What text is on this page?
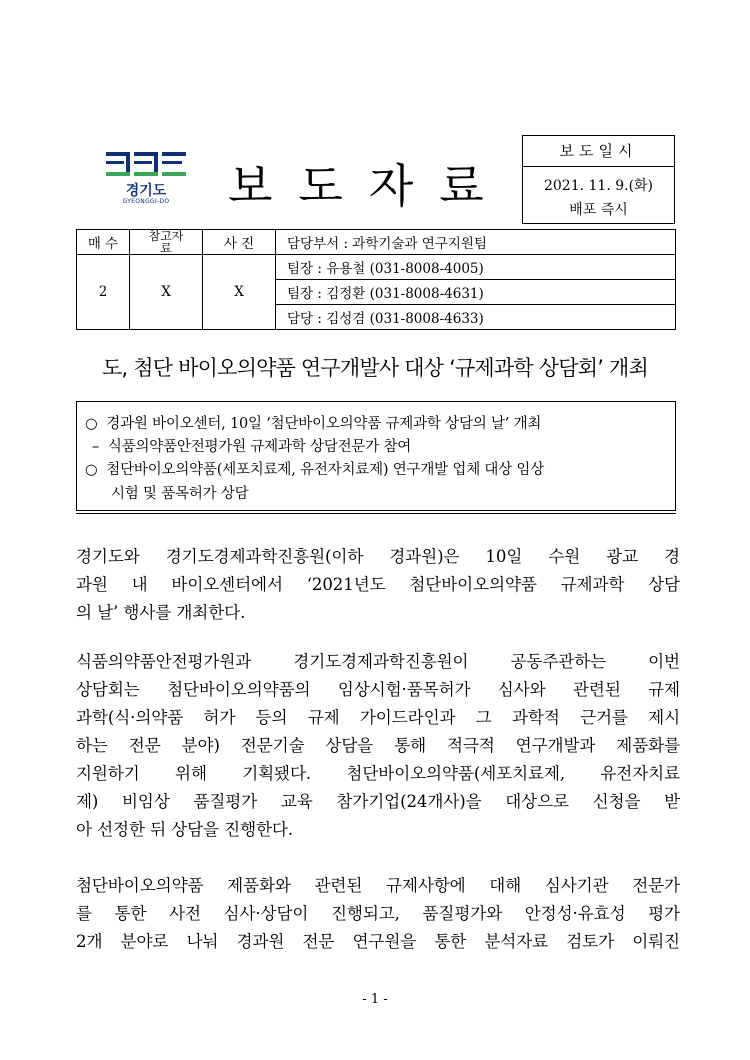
경기도
GYEONGGI-DO	보도자료
보도일시
2021. 11. 9.(화)
배포 즉시
매 수	참고자료	사 진	담당부서 : 과학기술과 연구지원팀
2	X	X	팀장 : 유용철 (031-8008-4005)
			팀장 : 김정환 (031-8008-4631)
			담당 : 김성겸 (031-8008-4633)
도, 첨단 바이오의약품 연구개발사 대상 ‘규제과학 상담회’ 개최
○ 경과원 바이오센터, 10일 ‘첨단바이오의약품 규제과학 상담의 날’ 개최
– 식품의약품안전평가원 규제과학 상담전문가 참여
○ 첨단바이오의약품(세포치료제, 유전자치료제) 연구개발 업체 대상 임상
시험 및 품목허가 상담
경기도와 경기도경제과학진흥원(이하 경과원)은 10일 수원 광교 경
과원 내 바이오센터에서 ‘2021년도 첨단바이오의약품 규제과학 상담
의 날’ 행사를 개최한다.
식품의약품안전평가원과 경기도경제과학진흥원이 공동주관하는 이번
상담회는 첨단바이오의약품의 임상시험·품목허가 심사와 관련된 규제
과학(식·의약품 허가 등의 규제 가이드라인과 그 과학적 근거를 제시
하는 전문 분야) 전문기술 상담을 통해 적극적 연구개발과 제품화를
지원하기 위해 기획됐다. 첨단바이오의약품(세포치료제, 유전자치료
제) 비임상 품질평가 교육 참가기업(24개사)을 대상으로 신청을 받
아 선정한 뒤 상담을 진행한다.
첨단바이오의약품 제품화와 관련된 규제사항에 대해 심사기관 전문가
를 통한 사전 심사·상담이 진행되고, 품질평가와 안정성·유효성 평가
2개 분야로 나눠 경과원 전문 연구원을 통한 분석자료 검토가 이뤄진
- 1 -
